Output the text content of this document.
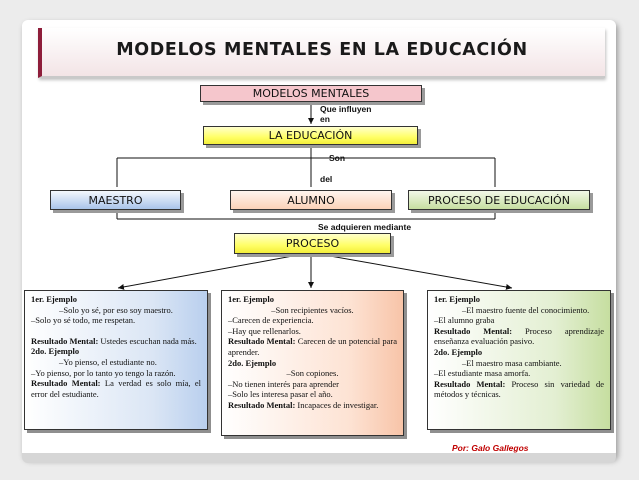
MODELOS MENTALES EN LA EDUCACIÓN
MODELOS MENTALES
Que influyen
en
LA EDUCACIÓN
Son
del
MAESTRO	ALUMNO	PROCESO DE EDUCACIÓN
Se adquieren mediante
PROCESO

1er. Ejemplo

–Solo yo sé, por eso soy maestro.

–Solo yo sé todo, me respetan.

Resultado Mental: Ustedes escuchan nada más.

2do. Ejemplo

–Yo pienso, el estudiante no.

–Yo pienso, por lo tanto yo tengo la razón.

Resultado Mental: La verdad es solo mía, el error del estudiante.

1er. Ejemplo

–Son recipientes vacíos.

–Carecen de experiencia.

–Hay que rellenarlos.

Resultado Mental: Carecen de un potencial para aprender.

2do. Ejemplo

–Son copiones.

–No tienen interés para aprender

–Solo les interesa pasar el año.

Resultado Mental: Incapaces de investigar.

1er. Ejemplo

–El maestro fuente del conocimiento.

–El alumno graba

Resultado Mental: Proceso aprendizaje enseñanza evaluación pasivo.

2do. Ejemplo

–El maestro masa cambiante.

–El estudiante masa amorfa.

Resultado Mental: Proceso sin variedad de métodos y técnicas.

Por: Galo Gallegos
